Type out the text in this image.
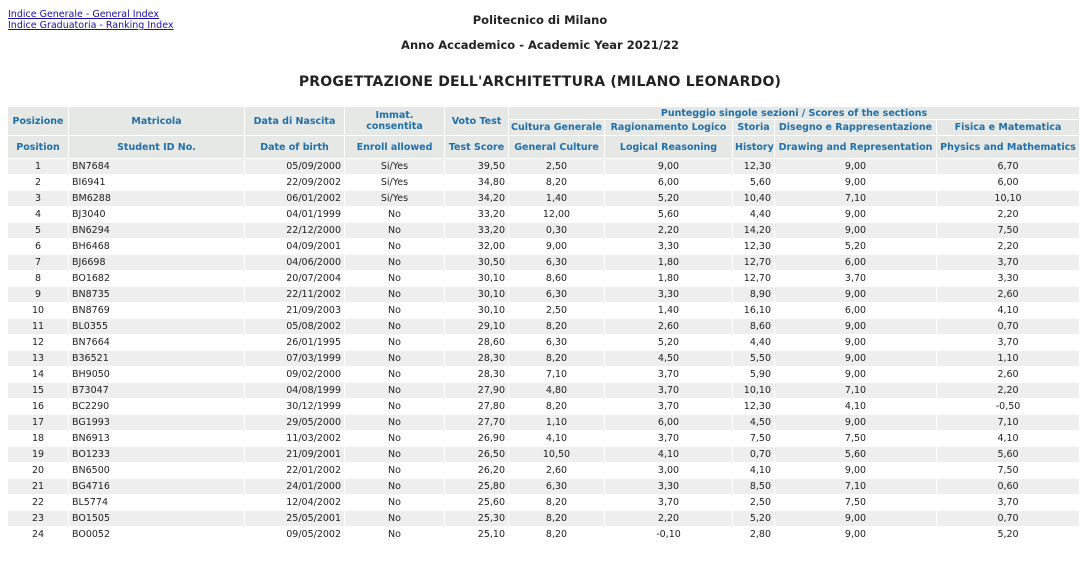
Indice Generale - General Index
Indice Graduatoria - Ranking Index	Politecnico di Milano
Anno Accademico - Academic Year 2021/22
PROGETTAZIONE DELL'ARCHITETTURA (MILANO LEONARDO)
Posizione	Matricola	Data di Nascita	Immat. consentita	Voto Test	Punteggio singole sezioni / Scores of the sections				
					Cultura Generale	Ragionamento Logico	Storia	Disegno e Rappresentazione	Fisica e Matematica
Position	Student ID No.	Date of birth	Enroll allowed	Test Score	General Culture	Logical Reasoning	History	Drawing and Representation	Physics and Mathematics
1	BN7684	05/09/2000	Si/Yes	39,50	2,50	9,00	12,30	9,00	6,70
2	BI6941	22/09/2002	Si/Yes	34,80	8,20	6,00	5,60	9,00	6,00
3	BM6288	06/01/2002	Si/Yes	34,20	1,40	5,20	10,40	7,10	10,10
4	BJ3040	04/01/1999	No	33,20	12,00	5,60	4,40	9,00	2,20
5	BN6294	22/12/2000	No	33,20	0,30	2,20	14,20	9,00	7,50
6	BH6468	04/09/2001	No	32,00	9,00	3,30	12,30	5,20	2,20
7	BJ6698	04/06/2000	No	30,50	6,30	1,80	12,70	6,00	3,70
8	BO1682	20/07/2004	No	30,10	8,60	1,80	12,70	3,70	3,30
9	BN8735	22/11/2002	No	30,10	6,30	3,30	8,90	9,00	2,60
10	BN8769	21/09/2003	No	30,10	2,50	1,40	16,10	6,00	4,10
11	BL0355	05/08/2002	No	29,10	8,20	2,60	8,60	9,00	0,70
12	BN7664	26/01/1995	No	28,60	6,30	5,20	4,40	9,00	3,70
13	B36521	07/03/1999	No	28,30	8,20	4,50	5,50	9,00	1,10
14	BH9050	09/02/2000	No	28,30	7,10	3,70	5,90	9,00	2,60
15	B73047	04/08/1999	No	27,90	4,80	3,70	10,10	7,10	2,20
16	BC2290	30/12/1999	No	27,80	8,20	3,70	12,30	4,10	-0,50
17	BG1993	29/05/2000	No	27,70	1,10	6,00	4,50	9,00	7,10
18	BN6913	11/03/2002	No	26,90	4,10	3,70	7,50	7,50	4,10
19	BO1233	21/09/2001	No	26,50	10,50	4,10	0,70	5,60	5,60
20	BN6500	22/01/2002	No	26,20	2,60	3,00	4,10	9,00	7,50
21	BG4716	24/01/2000	No	25,80	6,30	3,30	8,50	7,10	0,60
22	BL5774	12/04/2002	No	25,60	8,20	3,70	2,50	7,50	3,70
23	BO1505	25/05/2001	No	25,30	8,20	2,20	5,20	9,00	0,70
24	BO0052	09/05/2002	No	25,10	8,20	-0,10	2,80	9,00	5,20
